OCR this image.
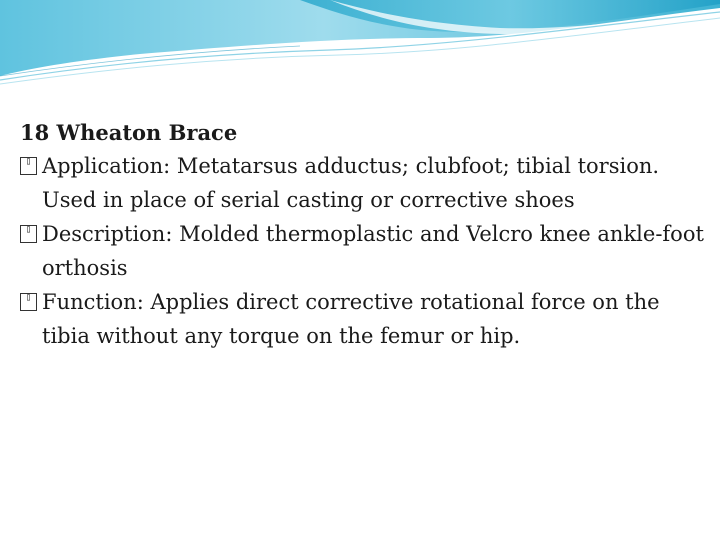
18 Wheaton Brace
▯ Application: Metatarsus adductus; clubfoot; tibial torsion. Used in place of serial casting or corrective shoes
▯ Description: Molded thermoplastic and Velcro knee ankle-foot orthosis
▯ Function: Applies direct corrective rotational force on the tibia without any torque on the femur or hip.
